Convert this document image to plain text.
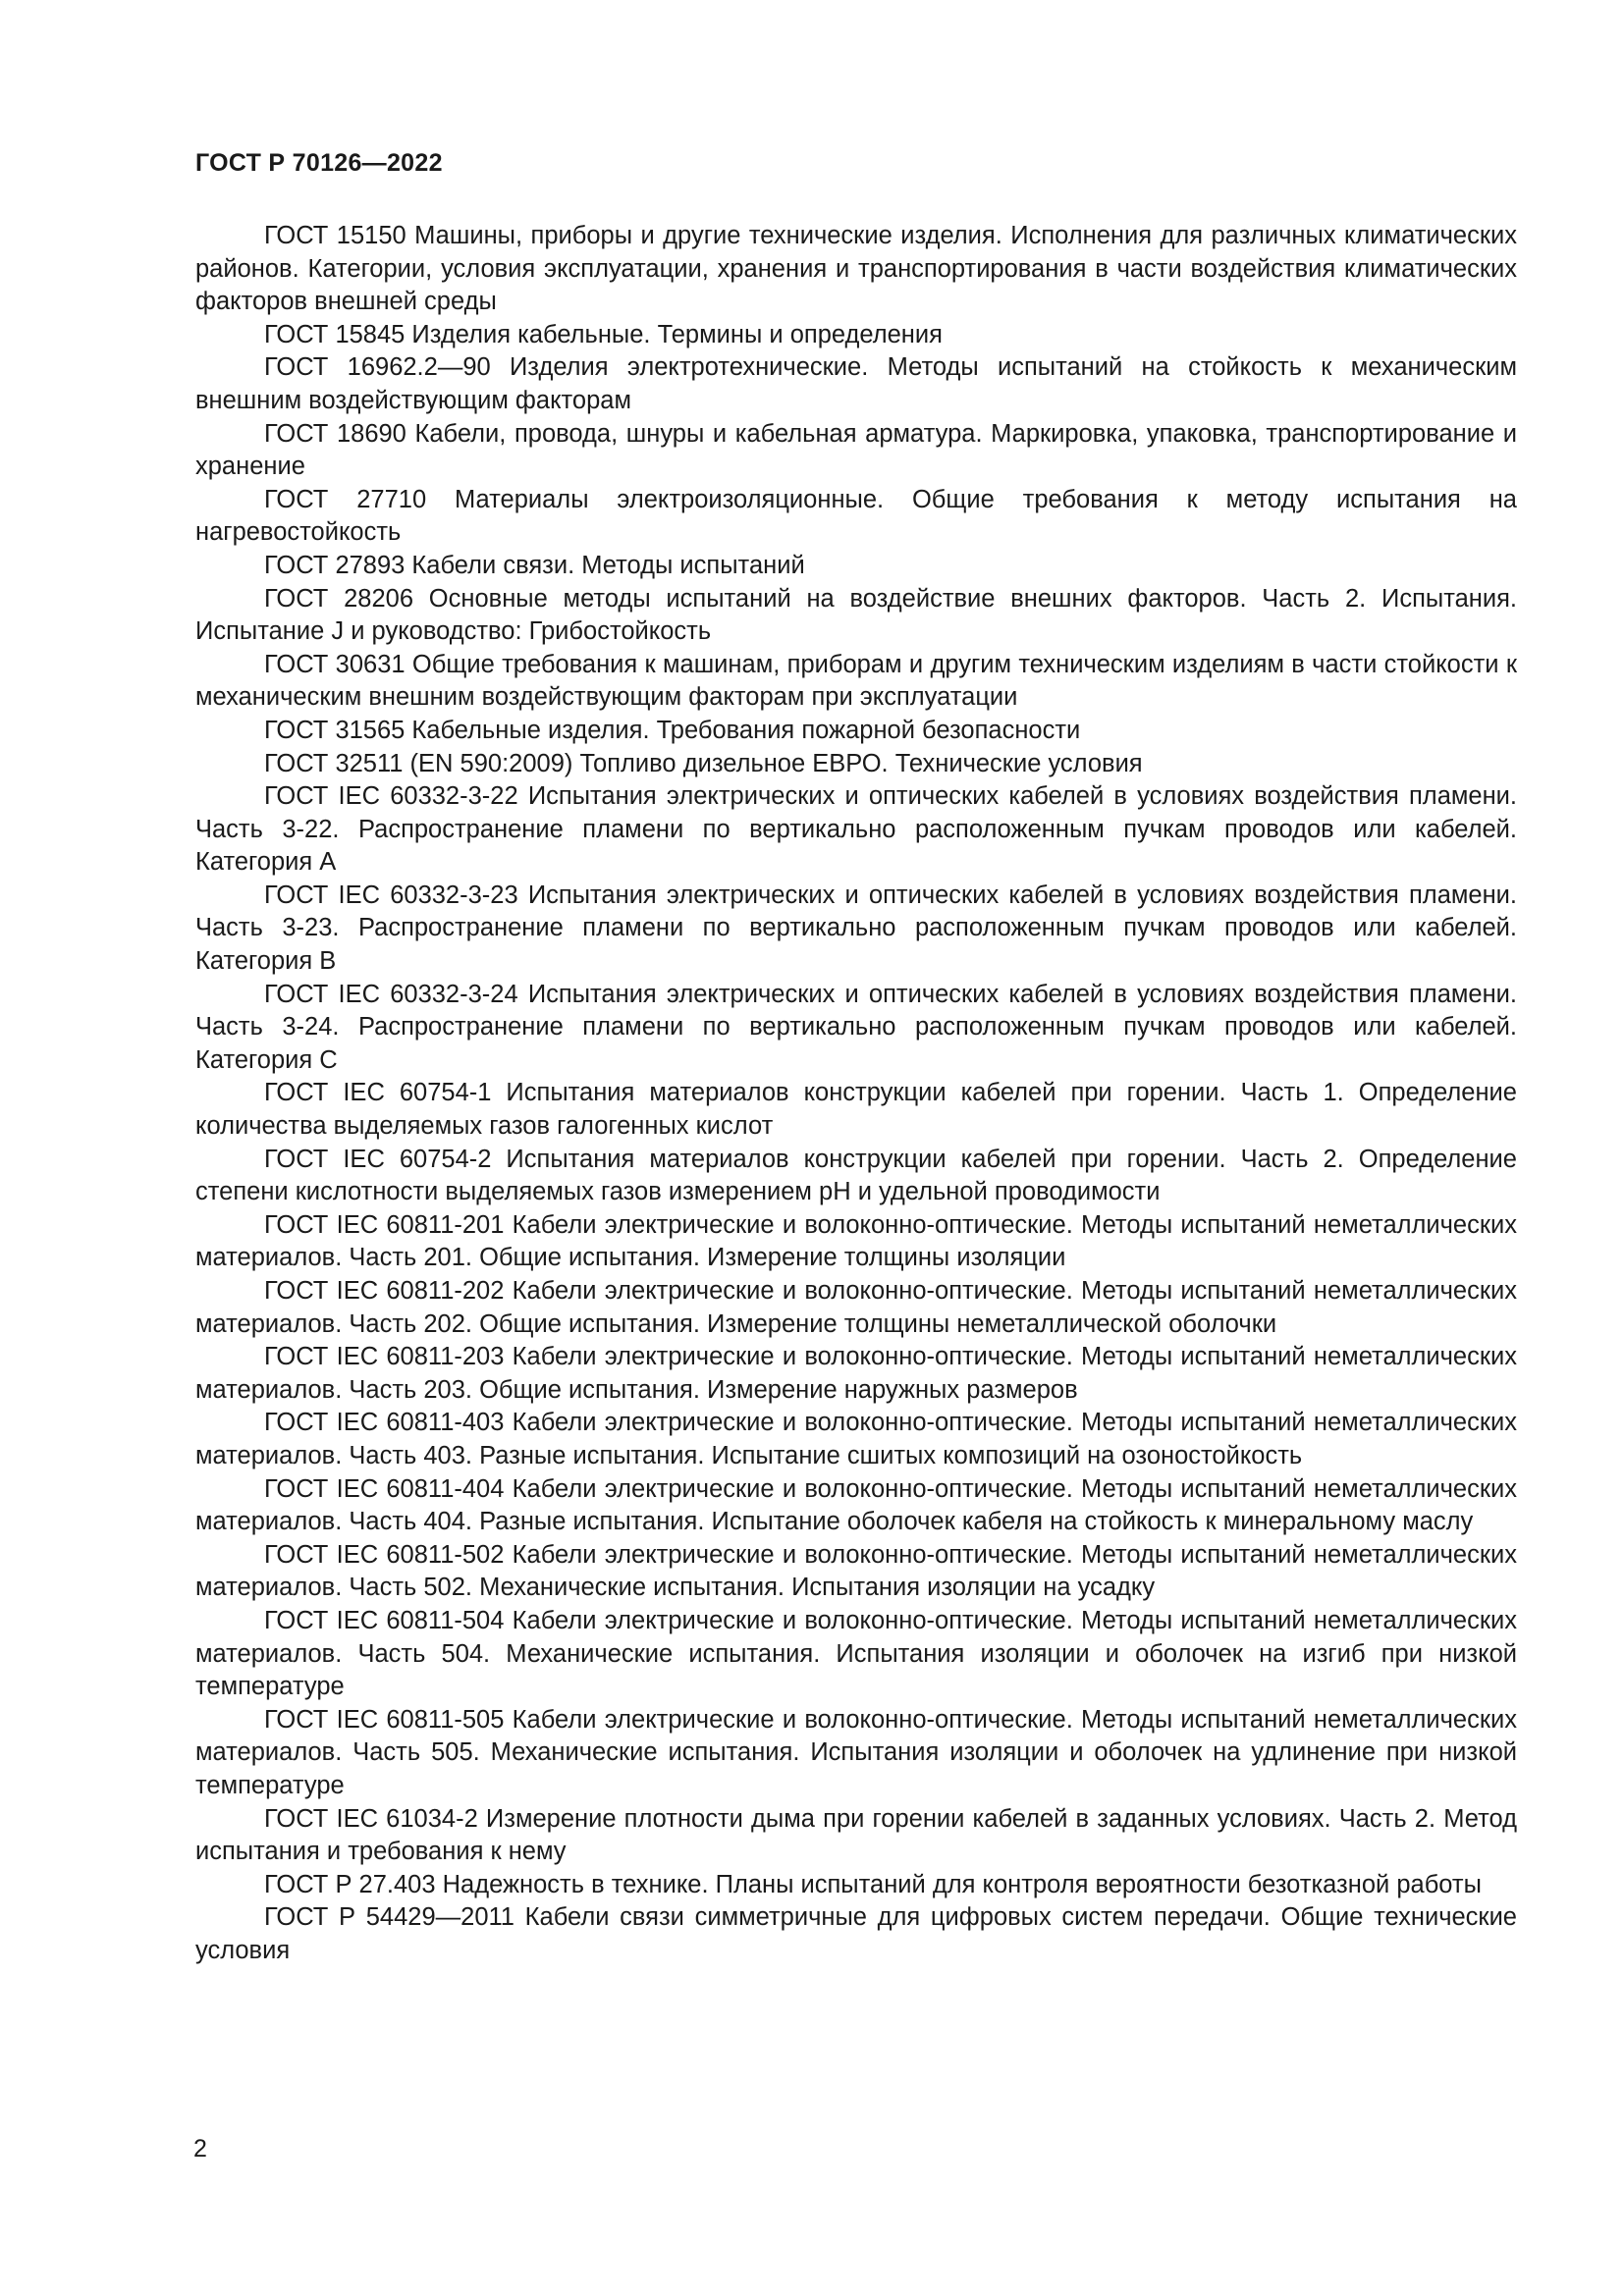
ГОСТ Р 70126—2022

ГОСТ 15150 Машины, приборы и другие технические изделия. Исполнения для различных климатических районов. Категории, условия эксплуатации, хранения и транспортирования в части воздействия климатических факторов внешней среды

ГОСТ 15845 Изделия кабельные. Термины и определения

ГОСТ 16962.2—90 Изделия электротехнические. Методы испытаний на стойкость к механическим внешним воздействующим факторам

ГОСТ 18690 Кабели, провода, шнуры и кабельная арматура. Маркировка, упаковка, транспортирование и хранение

ГОСТ 27710 Материалы электроизоляционные. Общие требования к методу испытания на нагревостойкость

ГОСТ 27893 Кабели связи. Методы испытаний

ГОСТ 28206 Основные методы испытаний на воздействие внешних факторов. Часть 2. Испытания. Испытание J и руководство: Грибостойкость

ГОСТ 30631 Общие требования к машинам, приборам и другим техническим изделиям в части стойкости к механическим внешним воздействующим факторам при эксплуатации

ГОСТ 31565 Кабельные изделия. Требования пожарной безопасности

ГОСТ 32511 (EN 590:2009) Топливо дизельное ЕВРО. Технические условия

ГОСТ IEC 60332-3-22 Испытания электрических и оптических кабелей в условиях воздействия пламени. Часть 3-22. Распространение пламени по вертикально расположенным пучкам проводов или кабелей. Категория А

ГОСТ IEC 60332-3-23 Испытания электрических и оптических кабелей в условиях воздействия пламени. Часть 3-23. Распространение пламени по вертикально расположенным пучкам проводов или кабелей. Категория В

ГОСТ IEC 60332-3-24 Испытания электрических и оптических кабелей в условиях воздействия пламени. Часть 3-24. Распространение пламени по вертикально расположенным пучкам проводов или кабелей. Категория С

ГОСТ IEC 60754-1 Испытания материалов конструкции кабелей при горении. Часть 1. Определение количества выделяемых газов галогенных кислот

ГОСТ IEC 60754-2 Испытания материалов конструкции кабелей при горении. Часть 2. Определение степени кислотности выделяемых газов измерением pH и удельной проводимости

ГОСТ IEC 60811-201 Кабели электрические и волоконно-оптические. Методы испытаний неметаллических материалов. Часть 201. Общие испытания. Измерение толщины изоляции

ГОСТ IEC 60811-202 Кабели электрические и волоконно-оптические. Методы испытаний неметаллических материалов. Часть 202. Общие испытания. Измерение толщины неметаллической оболочки

ГОСТ IEC 60811-203 Кабели электрические и волоконно-оптические. Методы испытаний неметаллических материалов. Часть 203. Общие испытания. Измерение наружных размеров

ГОСТ IEC 60811-403 Кабели электрические и волоконно-оптические. Методы испытаний неметаллических материалов. Часть 403. Разные испытания. Испытание сшитых композиций на озоностойкость

ГОСТ IEC 60811-404 Кабели электрические и волоконно-оптические. Методы испытаний неметаллических материалов. Часть 404. Разные испытания. Испытание оболочек кабеля на стойкость к минеральному маслу

ГОСТ IEC 60811-502 Кабели электрические и волоконно-оптические. Методы испытаний неметаллических материалов. Часть 502. Механические испытания. Испытания изоляции на усадку

ГОСТ IEC 60811-504 Кабели электрические и волоконно-оптические. Методы испытаний неметаллических материалов. Часть 504. Механические испытания. Испытания изоляции и оболочек на изгиб при низкой температуре

ГОСТ IEC 60811-505 Кабели электрические и волоконно-оптические. Методы испытаний неметаллических материалов. Часть 505. Механические испытания. Испытания изоляции и оболочек на удлинение при низкой температуре

ГОСТ IEC 61034-2 Измерение плотности дыма при горении кабелей в заданных условиях. Часть 2. Метод испытания и требования к нему

ГОСТ Р 27.403 Надежность в технике. Планы испытаний для контроля вероятности безотказной работы

ГОСТ Р 54429—2011 Кабели связи симметричные для цифровых систем передачи. Общие технические условия

2
